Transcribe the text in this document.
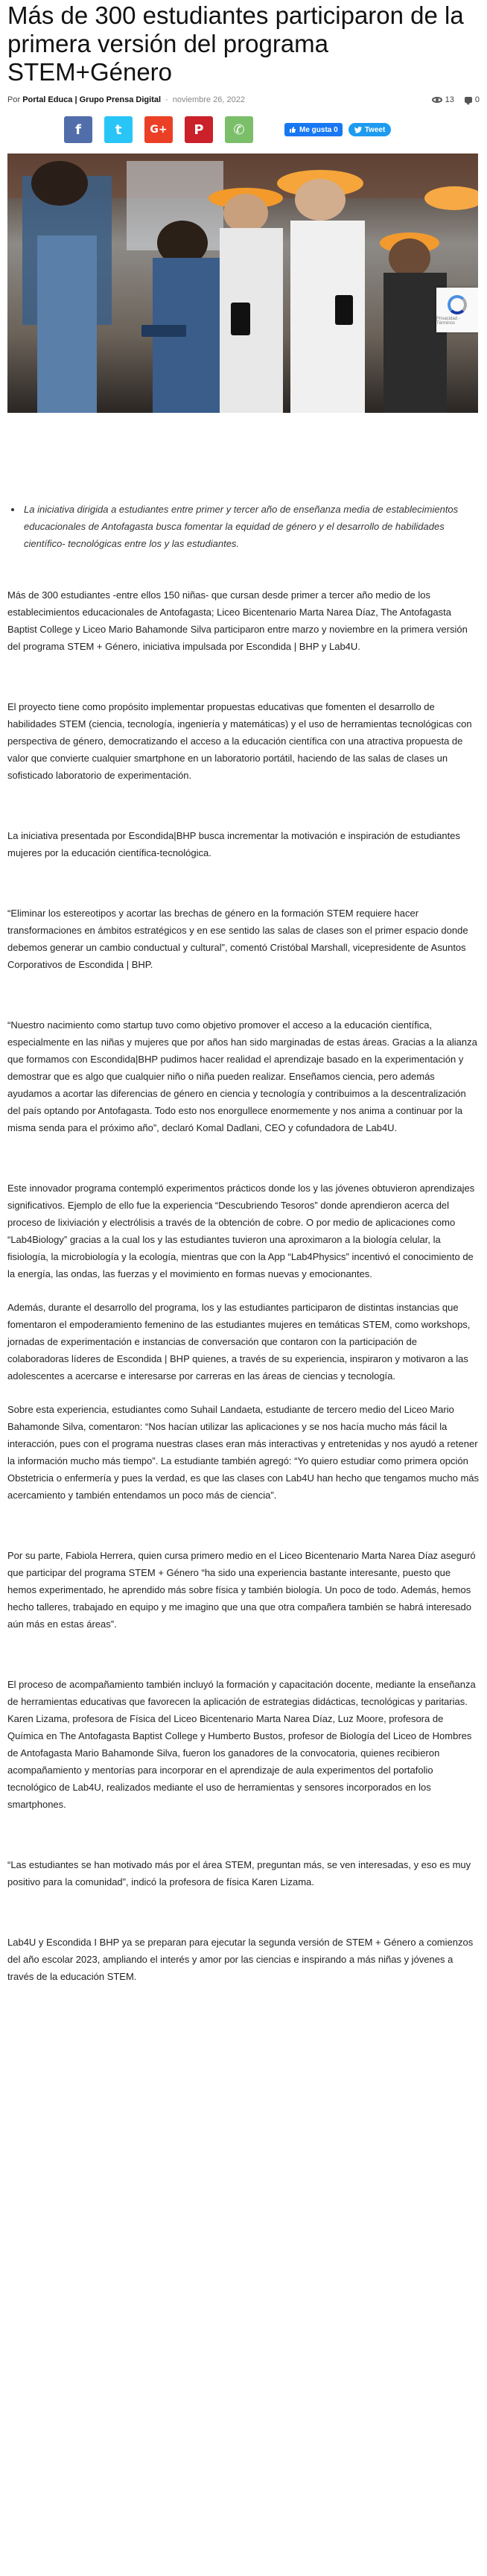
Más de 300 estudiantes participaron de la primera versión del programa STEM+Género
Por
Portal Educa | Grupo Prensa Digital - noviembre 26, 2022	13	0
f	t	G+ P ✆	Me gusta 0	Tweet
Privacidad - Términos
• La iniciativa dirigida a estudiantes entre primer y tercer año de enseñanza media de establecimientos educacionales de Antofagasta busca fomentar la equidad de género y el desarrollo de habilidades científico- tecnológicas entre los y las estudiantes.

Más de 300 estudiantes -entre ellos 150 niñas- que cursan desde primer a tercer año medio de los establecimientos educacionales de Antofagasta; Liceo Bicentenario Marta Narea Díaz, The Antofagasta Baptist College y Liceo Mario Bahamonde Silva participaron entre marzo y noviembre en la primera versión del programa STEM + Género, iniciativa impulsada por Escondida | BHP y Lab4U.

El proyecto tiene como propósito implementar propuestas educativas que fomenten el desarrollo de habilidades STEM (ciencia, tecnología, ingeniería y matemáticas) y el uso de herramientas tecnológicas con perspectiva de género, democratizando el acceso a la educación científica con una atractiva propuesta de valor que convierte cualquier smartphone en un laboratorio portátil, haciendo de las salas de clases un sofisticado laboratorio de experimentación.

La iniciativa presentada por Escondida|BHP busca incrementar la motivación e inspiración de estudiantes mujeres por la educación científica-tecnológica.

“Eliminar los estereotipos y acortar las brechas de género en la formación STEM requiere hacer transformaciones en ámbitos estratégicos y en ese sentido las salas de clases son el primer espacio donde debemos generar un cambio conductual y cultural”, comentó Cristóbal Marshall, vicepresidente de Asuntos Corporativos de Escondida | BHP.

“Nuestro nacimiento como startup tuvo como objetivo promover el acceso a la educación científica, especialmente en las niñas y mujeres que por años han sido marginadas de estas áreas. Gracias a la alianza que formamos con Escondida|BHP pudimos hacer realidad el aprendizaje basado en la experimentación y demostrar que es algo que cualquier niño o niña pueden realizar. Enseñamos ciencia, pero además ayudamos a acortar las diferencias de género en ciencia y tecnología y contribuimos a la descentralización del país optando por Antofagasta. Todo esto nos enorgullece enormemente y nos anima a continuar por la misma senda para el próximo año”, declaró Komal Dadlani, CEO y cofundadora de Lab4U.

Este innovador programa contempló experimentos prácticos donde los y las jóvenes obtuvieron aprendizajes significativos. Ejemplo de ello fue la experiencia “Descubriendo Tesoros” donde aprendieron acerca del proceso de lixiviación y electrólisis a través de la obtención de cobre. O por medio de aplicaciones como “Lab4Biology” gracias a la cual los y las estudiantes tuvieron una aproximaron a la biología celular, la fisiología, la microbiología y la ecología, mientras que con la App “Lab4Physics” incentivó el conocimiento de la energía, las ondas, las fuerzas y el movimiento en formas nuevas y emocionantes.

Además, durante el desarrollo del programa, los y las estudiantes participaron de distintas instancias que fomentaron el empoderamiento femenino de las estudiantes mujeres en temáticas STEM, como workshops, jornadas de experimentación e instancias de conversación que contaron con la participación de colaboradoras líderes de Escondida | BHP quienes, a través de su experiencia, inspiraron y motivaron a las adolescentes a acercarse e interesarse por carreras en las áreas de ciencias y tecnología.

Sobre esta experiencia, estudiantes como Suhail Landaeta, estudiante de tercero medio del Liceo Mario Bahamonde Silva, comentaron: “Nos hacían utilizar las aplicaciones y se nos hacía mucho más fácil la interacción, pues con el programa nuestras clases eran más interactivas y entretenidas y nos ayudó a retener la información mucho más tiempo”. La estudiante también agregó: “Yo quiero estudiar como primera opción Obstetricia o enfermería y pues la verdad, es que las clases con Lab4U han hecho que tengamos mucho más acercamiento y también entendamos un poco más de ciencia”.

Por su parte, Fabiola Herrera, quien cursa primero medio en el Liceo Bicentenario Marta Narea Díaz aseguró que participar del programa STEM + Género “ha sido una experiencia bastante interesante, puesto que hemos experimentado, he aprendido más sobre física y también biología. Un poco de todo. Además, hemos hecho talleres, trabajado en equipo y me imagino que una que otra compañera también se habrá interesado aún más en estas áreas”.

El proceso de acompañamiento también incluyó la formación y capacitación docente, mediante la enseñanza de herramientas educativas que favorecen la aplicación de estrategias didácticas, tecnológicas y paritarias. Karen Lizama, profesora de Física del Liceo Bicentenario Marta Narea Díaz, Luz Moore, profesora de Química en The Antofagasta Baptist College y Humberto Bustos, profesor de Biología del Liceo de Hombres de Antofagasta Mario Bahamonde Silva, fueron los ganadores de la convocatoria, quienes recibieron acompañamiento y mentorías para incorporar en el aprendizaje de aula experimentos del portafolio tecnológico de Lab4U, realizados mediante el uso de herramientas y sensores incorporados en los smartphones.

“Las estudiantes se han motivado más por el área STEM, preguntan más, se ven interesadas, y eso es muy positivo para la comunidad”, indicó la profesora de física Karen Lizama.

Lab4U y Escondida I BHP ya se preparan para ejecutar la segunda versión de STEM + Género a comienzos del año escolar 2023, ampliando el interés y amor por las ciencias e inspirando a más niñas y jóvenes a través de la educación STEM.
